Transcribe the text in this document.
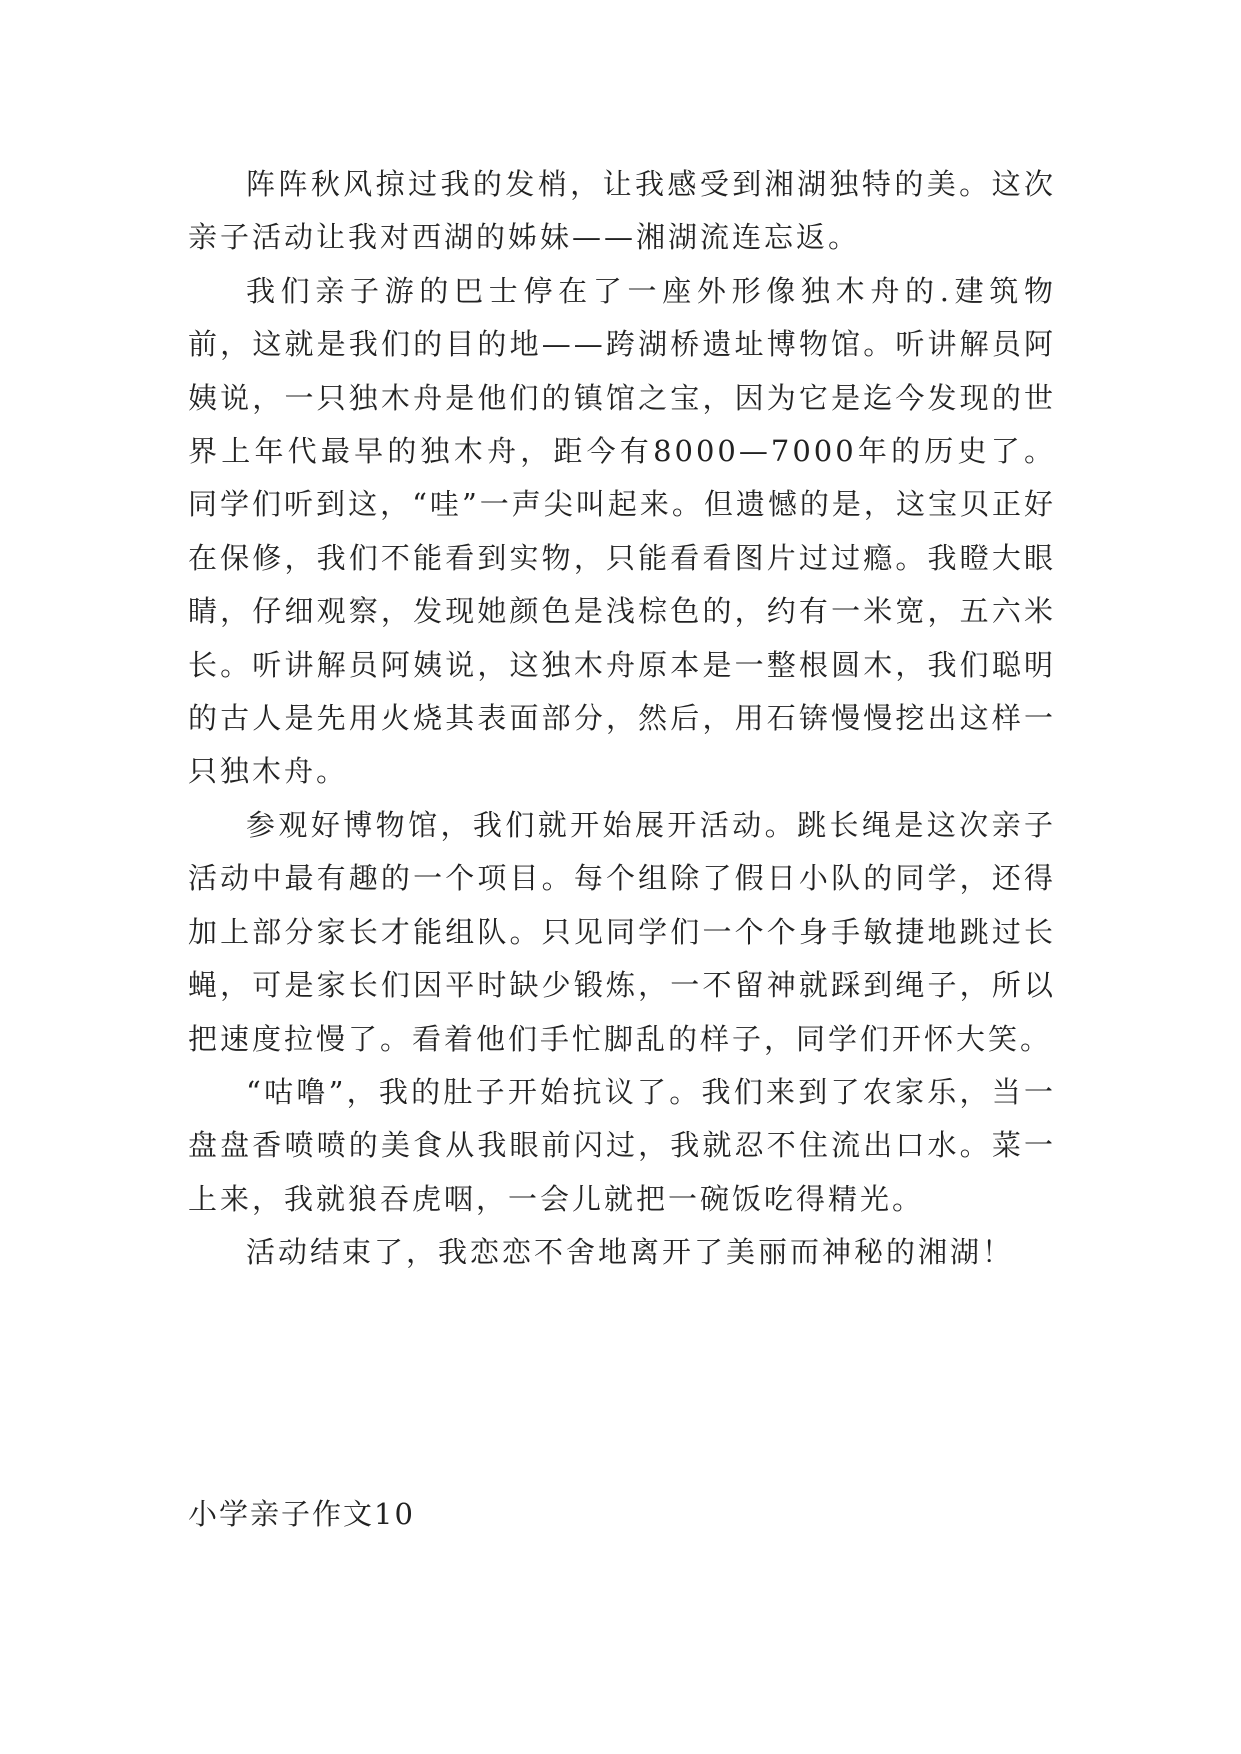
阵阵秋风掠过我的发梢，让我感受到湘湖独特的美。这次亲子活动让我对西湖的姊妹——湘湖流连忘返。

我们亲子游的巴士停在了一座外形像独木舟的.建筑物前，这就是我们的目的地——跨湖桥遗址博物馆。听讲解员阿姨说，一只独木舟是他们的镇馆之宝，因为它是迄今发现的世界上年代最早的独木舟，距今有8000—7000年的历史了。同学们听到这，“哇”一声尖叫起来。但遗憾的是，这宝贝正好在保修，我们不能看到实物，只能看看图片过过瘾。我瞪大眼睛，仔细观察，发现她颜色是浅棕色的，约有一米宽，五六米长。听讲解员阿姨说，这独木舟原本是一整根圆木，我们聪明的古人是先用火烧其表面部分，然后，用石锛慢慢挖出这样一只独木舟。

参观好博物馆，我们就开始展开活动。跳长绳是这次亲子活动中最有趣的一个项目。每个组除了假日小队的同学，还得加上部分家长才能组队。只见同学们一个个身手敏捷地跳过长蝇，可是家长们因平时缺少锻炼，一不留神就踩到绳子，所以把速度拉慢了。看着他们手忙脚乱的样子，同学们开怀大笑。

“咕噜”，我的肚子开始抗议了。我们来到了农家乐，当一盘盘香喷喷的美食从我眼前闪过，我就忍不住流出口水。菜一上来，我就狼吞虎咽，一会儿就把一碗饭吃得精光。

活动结束了，我恋恋不舍地离开了美丽而神秘的湘湖！

小学亲子作文10
